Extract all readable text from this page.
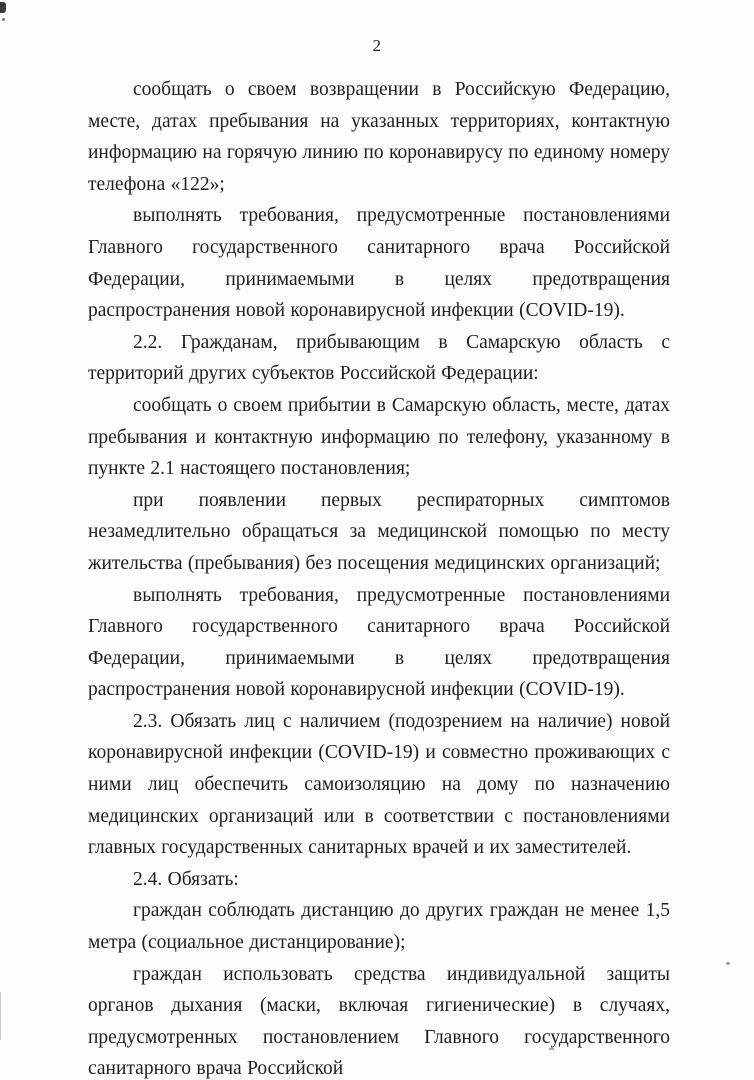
2

сообщать о своем возвращении в Российскую Федерацию, месте, датах пребывания на указанных территориях, контактную информацию на горячую линию по коронавирусу по единому номеру телефона «122»;

выполнять требования, предусмотренные постановлениями Главного государственного санитарного врача Российской Федерации, принимаемыми в целях предотвращения распространения новой коронавирусной инфекции (COVID-19).

2.2. Гражданам, прибывающим в Самарскую область с территорий других субъектов Российской Федерации:

сообщать о своем прибытии в Самарскую область, месте, датах пребывания и контактную информацию по телефону, указанному в пункте 2.1 настоящего постановления;

при появлении первых респираторных симптомов незамедлительно обращаться за медицинской помощью по месту жительства (пребывания) без посещения медицинских организаций;

выполнять требования, предусмотренные постановлениями Главного государственного санитарного врача Российской Федерации, принимаемыми в целях предотвращения распространения новой коронавирусной инфекции (COVID-19).

2.3. Обязать лиц с наличием (подозрением на наличие) новой коронавирусной инфекции (COVID-19) и совместно проживающих с ними лиц обеспечить самоизоляцию на дому по назначению медицинских организаций или в соответствии с постановлениями главных государственных санитарных врачей и их заместителей.

2.4. Обязать:

граждан соблюдать дистанцию до других граждан не менее 1,5 метра (социальное дистанцирование);

граждан использовать средства индивидуальной защиты органов дыхания (маски, включая гигиенические) в случаях, предусмотренных постановлением Главного государственного санитарного врача Российской
